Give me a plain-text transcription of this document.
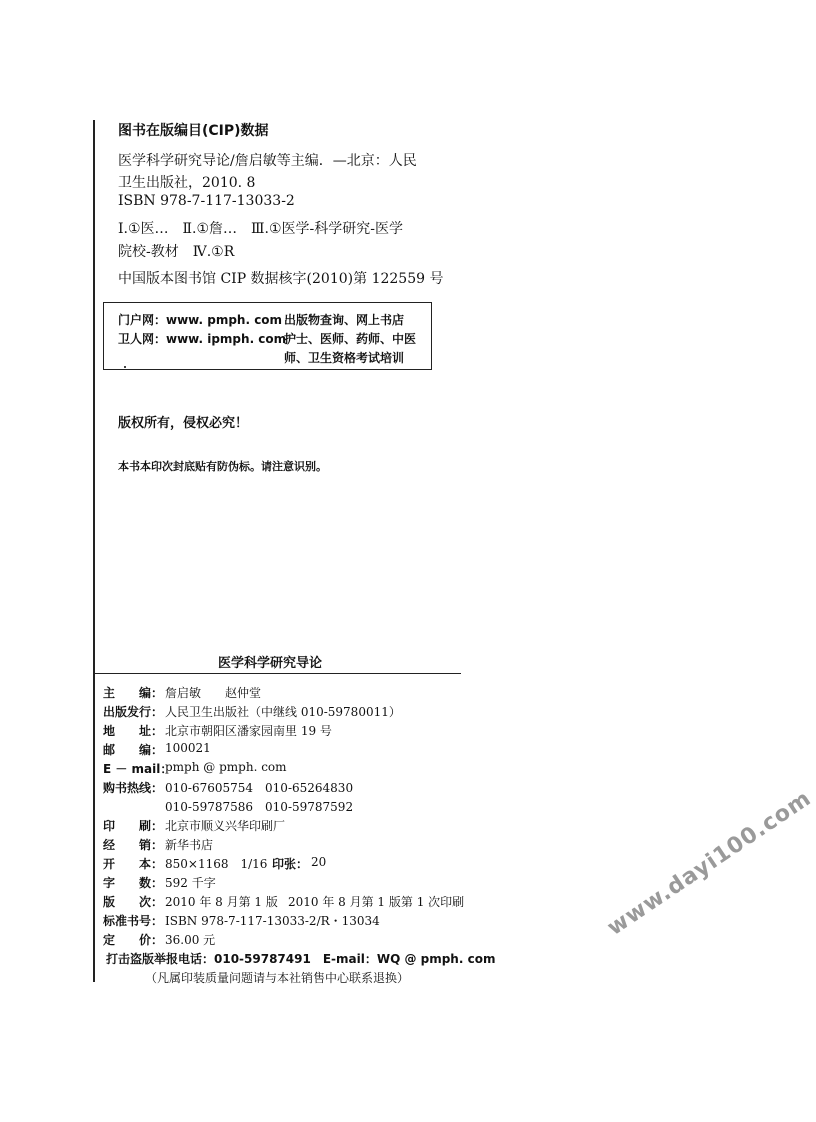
图书在版编目(CIP)数据
医学科学研究导论/詹启敏等主编．—北京：人民
卫生出版社，2010. 8
ISBN 978-7-117-13033-2
Ⅰ.①医…　Ⅱ.①詹…　Ⅲ.①医学-科学研究-医学
院校-教材　Ⅳ.①R
中国版本图书馆 CIP 数据核字(2010)第 122559 号
门户网：www. pmph. com 出版物查询、网上书店
卫人网：www. ipmph. com
护士、医师、药师、中医
师、卫生资格考试培训
版权所有，侵权必究！
本书本印次封底贴有防伪标。请注意识别。
医学科学研究导论
主　　编： 詹启敏　　赵仲堂
出版发行： 人民卫生出版社（中继线 010-59780011）
地　　址： 北京市朝阳区潘家园南里 19 号
邮　　编： 100021
E － mail：
pmph @ pmph. com
购书热线： 010-67605754　010-65264830
010-59787586　010-59787592
印　　刷： 北京市顺义兴华印刷厂
经　　销： 新华书店
开　　本： 850×1168　1/16 印张： 20
字　　数： 592 千字
版　　次： 2010 年 8 月第 1 版 2010 年 8 月第 1 版第 1 次印刷
标准书号： ISBN 978-7-117-13033-2/R・13034
定　　价： 36.00 元
打击盗版举报电话：010-59787491　E-mail：WQ @ pmph. com
（凡属印装质量问题请与本社销售中心联系退换）
www.dayi100.com
